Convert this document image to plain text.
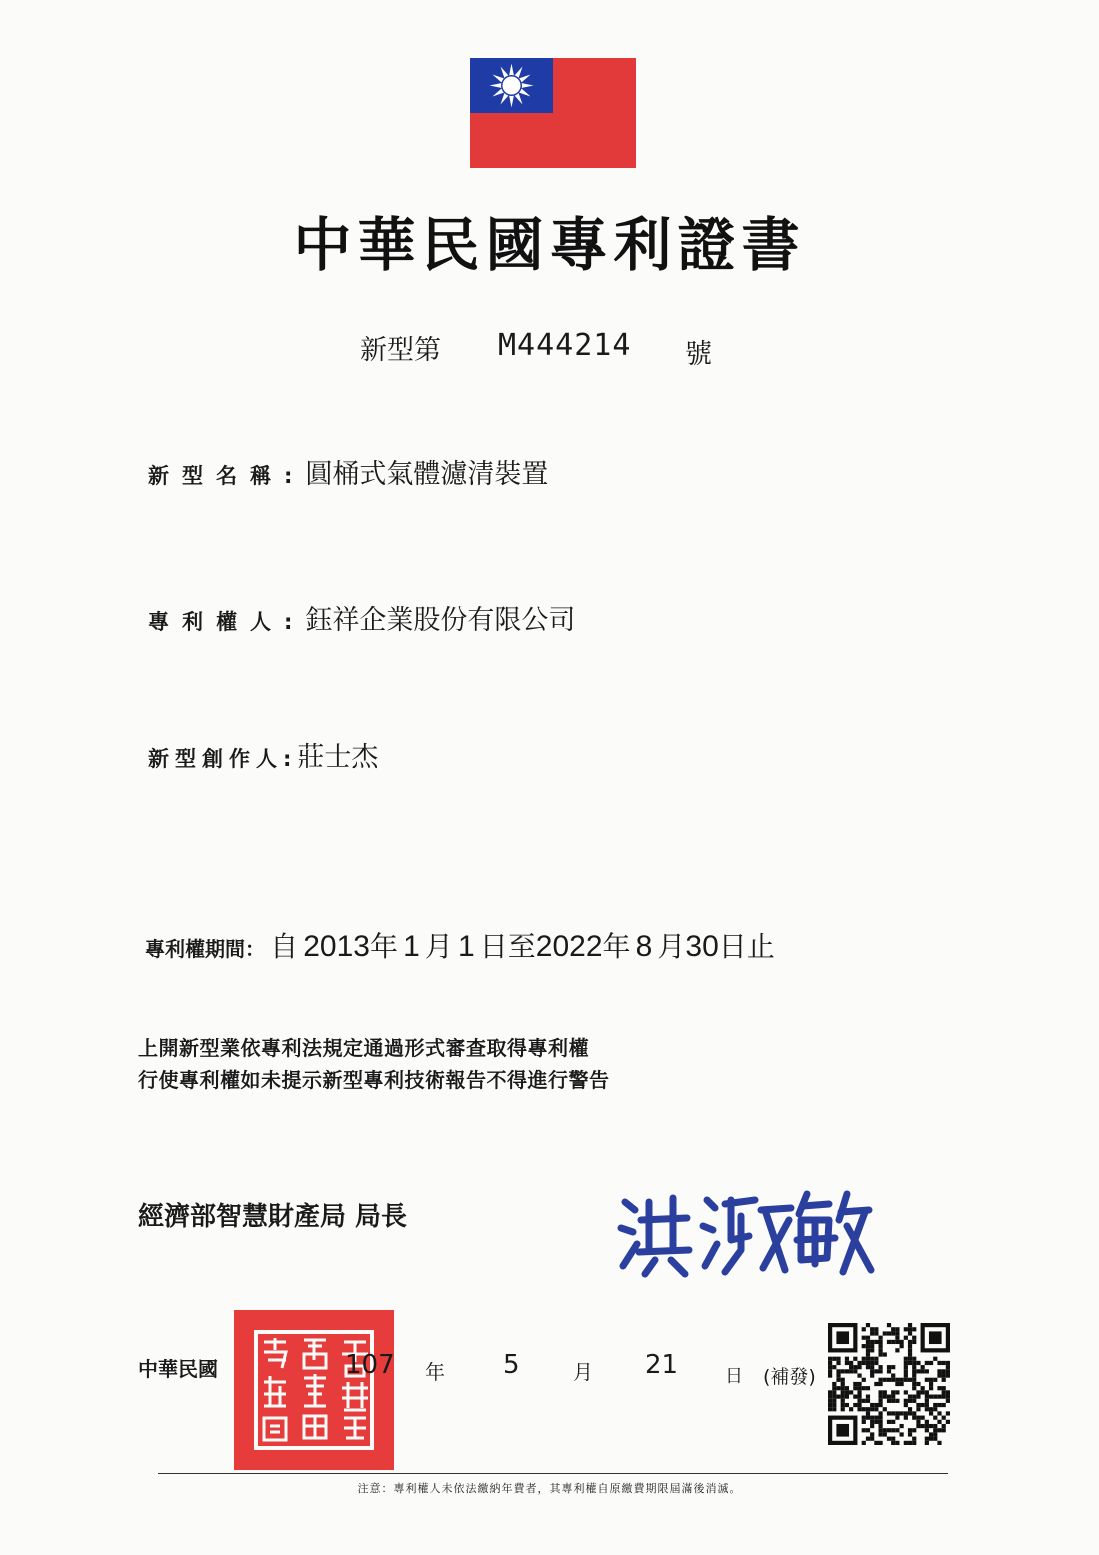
中華民國專利證書
新型第 M444214 號
新型名稱:圓桶式氣體濾清裝置
專利權人:鈺祥企業股份有限公司
新型創作人:莊士杰
專利權期間： 自 2013年 1 月 1 日至2022年 8 月30日止
上開新型業依專利法規定通過形式審查取得專利權
行使專利權如未提示新型專利技術報告不得進行警告
經濟部智慧財產局 局長
中華民國	107 年 5	月 21	日 (補發)
注意：專利權人未依法繳納年費者，其專利權自原繳費期限屆滿後消滅。
